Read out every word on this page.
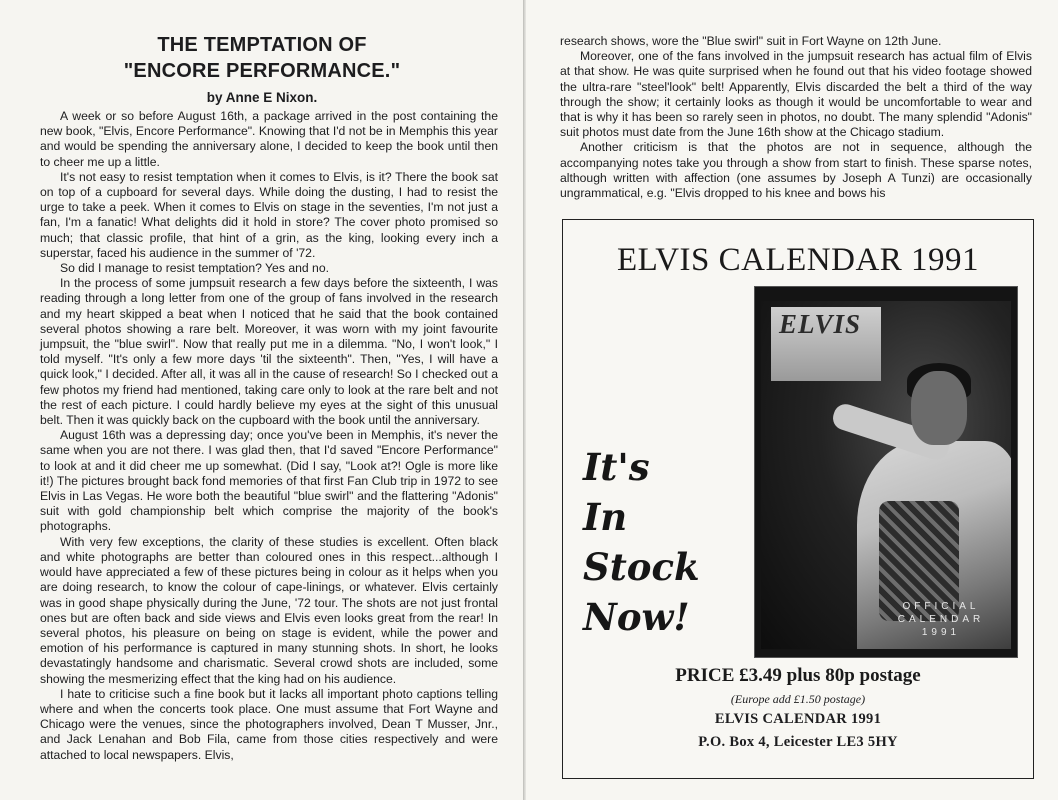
THE TEMPTATION OF
"ENCORE PERFORMANCE."
by Anne E Nixon.

A week or so before August 16th, a package arrived in the post containing the new book, "Elvis, Encore Performance". Knowing that I'd not be in Memphis this year and would be spending the anniversary alone, I decided to keep the book until then to cheer me up a little.

It's not easy to resist temptation when it comes to Elvis, is it? There the book sat on top of a cupboard for several days. While doing the dusting, I had to resist the urge to take a peek. When it comes to Elvis on stage in the seventies, I'm not just a fan, I'm a fanatic! What delights did it hold in store? The cover photo promised so much; that classic profile, that hint of a grin, as the king, looking every inch a superstar, faced his audience in the summer of '72.

So did I manage to resist temptation? Yes and no.

In the process of some jumpsuit research a few days before the sixteenth, I was reading through a long letter from one of the group of fans involved in the research and my heart skipped a beat when I noticed that he said that the book contained several photos showing a rare belt. Moreover, it was worn with my joint favourite jumpsuit, the "blue swirl". Now that really put me in a dilemma. "No, I won't look," I told myself. "It's only a few more days 'til the sixteenth". Then, "Yes, I will have a quick look," I decided. After all, it was all in the cause of research! So I checked out a few photos my friend had mentioned, taking care only to look at the rare belt and not the rest of each picture. I could hardly believe my eyes at the sight of this unusual belt. Then it was quickly back on the cupboard with the book until the anniversary.

August 16th was a depressing day; once you've been in Memphis, it's never the same when you are not there. I was glad then, that I'd saved "Encore Performance" to look at and it did cheer me up somewhat. (Did I say, "Look at?! Ogle is more like it!) The pictures brought back fond memories of that first Fan Club trip in 1972 to see Elvis in Las Vegas. He wore both the beautiful "blue swirl" and the flattering "Adonis" suit with gold championship belt which comprise the majority of the book's photographs.

With very few exceptions, the clarity of these studies is excellent. Often black and white photographs are better than coloured ones in this respect...although I would have appreciated a few of these pictures being in colour as it helps when you are doing research, to know the colour of cape-linings, or whatever. Elvis certainly was in good shape physically during the June, '72 tour. The shots are not just frontal ones but are often back and side views and Elvis even looks great from the rear! In several photos, his pleasure on being on stage is evident, while the power and emotion of his performance is captured in many stunning shots. In short, he looks devastatingly handsome and charismatic. Several crowd shots are included, some showing the mesmerizing effect that the king had on his audience.

I hate to criticise such a fine book but it lacks all important photo captions telling where and when the concerts took place. One must assume that Fort Wayne and Chicago were the venues, since the photographers involved, Dean T Musser, Jnr., and Jack Lenahan and Bob Fila, came from those cities respectively and were attached to local newspapers. Elvis,

research shows, wore the "Blue swirl" suit in Fort Wayne on 12th June.

Moreover, one of the fans involved in the jumpsuit research has actual film of Elvis at that show. He was quite surprised when he found out that his video footage showed the ultra-rare "steel'look" belt! Apparently, Elvis discarded the belt a third of the way through the show; it certainly looks as though it would be uncomfortable to wear and that is why it has been so rarely seen in photos, no doubt. The many splendid "Adonis" suit photos must date from the June 16th show at the Chicago stadium.

Another criticism is that the photos are not in sequence, although the accompanying notes take you through a show from start to finish. These sparse notes, although written with affection (one assumes by Joseph A Tunzi) are occasionally ungrammatical, e.g. "Elvis dropped to his knee and bows his

ELVIS CALENDAR 1991
It's
In
Stock
Now!
ELVIS
OFFICIAL
CALENDAR
1991
PRICE £3.49 plus 80p postage
(Europe add £1.50 postage)
ELVIS CALENDAR 1991
P.O. Box 4, Leicester LE3 5HY
